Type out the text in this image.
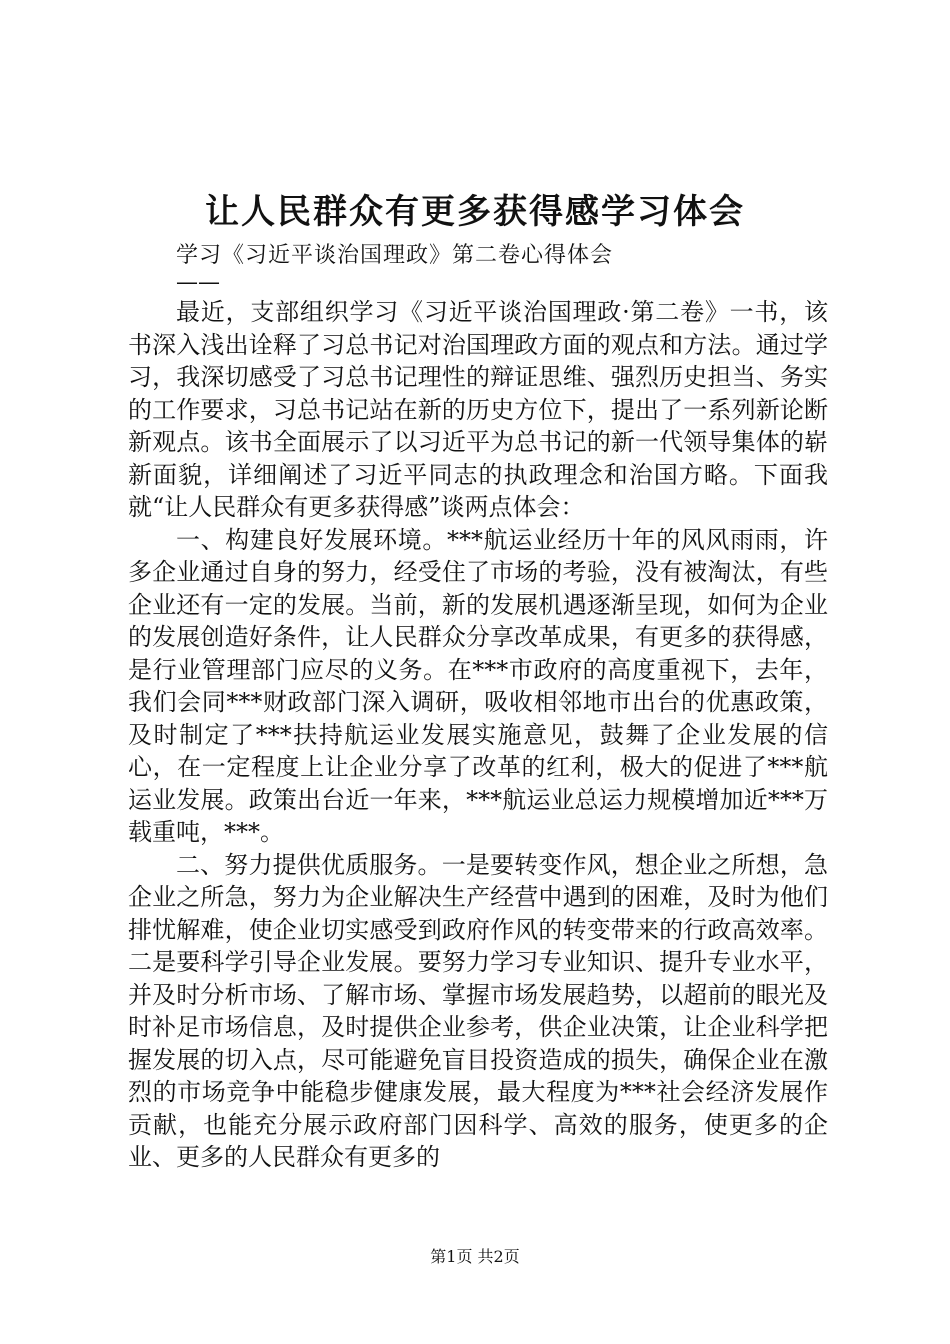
让人民群众有更多获得感学习体会
学习《习近平谈治国理政》第二卷心得体会
——

最近，支部组织学习《习近平谈治国理政·第二卷》一书，该书深入浅出诠释了习总书记对治国理政方面的观点和方法。通过学习，我深切感受了习总书记理性的辩证思维、强烈历史担当、务实的工作要求，习总书记站在新的历史方位下，提出了一系列新论断新观点。该书全面展示了以习近平为总书记的新一代领导集体的崭新面貌，详细阐述了习近平同志的执政理念和治国方略。下面我就“让人民群众有更多获得感”谈两点体会：

一、构建良好发展环境。***航运业经历十年的风风雨雨，许多企业通过自身的努力，经受住了市场的考验，没有被淘汰，有些企业还有一定的发展。当前，新的发展机遇逐渐呈现，如何为企业的发展创造好条件，让人民群众分享改革成果，有更多的获得感，是行业管理部门应尽的义务。在***市政府的高度重视下，去年，我们会同***财政部门深入调研，吸收相邻地市出台的优惠政策，及时制定了***扶持航运业发展实施意见，鼓舞了企业发展的信心，在一定程度上让企业分享了改革的红利，极大的促进了***航运业发展。政策出台近一年来，***航运业总运力规模增加近***万载重吨，***。

二、努力提供优质服务。一是要转变作风，想企业之所想，急企业之所急，努力为企业解决生产经营中遇到的困难，及时为他们排忧解难，使企业切实感受到政府作风的转变带来的行政高效率。二是要科学引导企业发展。要努力学习专业知识、提升专业水平，并及时分析市场、了解市场、掌握市场发展趋势，以超前的眼光及时补足市场信息，及时提供企业参考，供企业决策，让企业科学把握发展的切入点，尽可能避免盲目投资造成的损失，确保企业在激烈的市场竞争中能稳步健康发展，最大程度为***社会经济发展作贡献，也能充分展示政府部门因科学、高效的服务，使更多的企业、更多的人民群众有更多的

第1页 共2页
